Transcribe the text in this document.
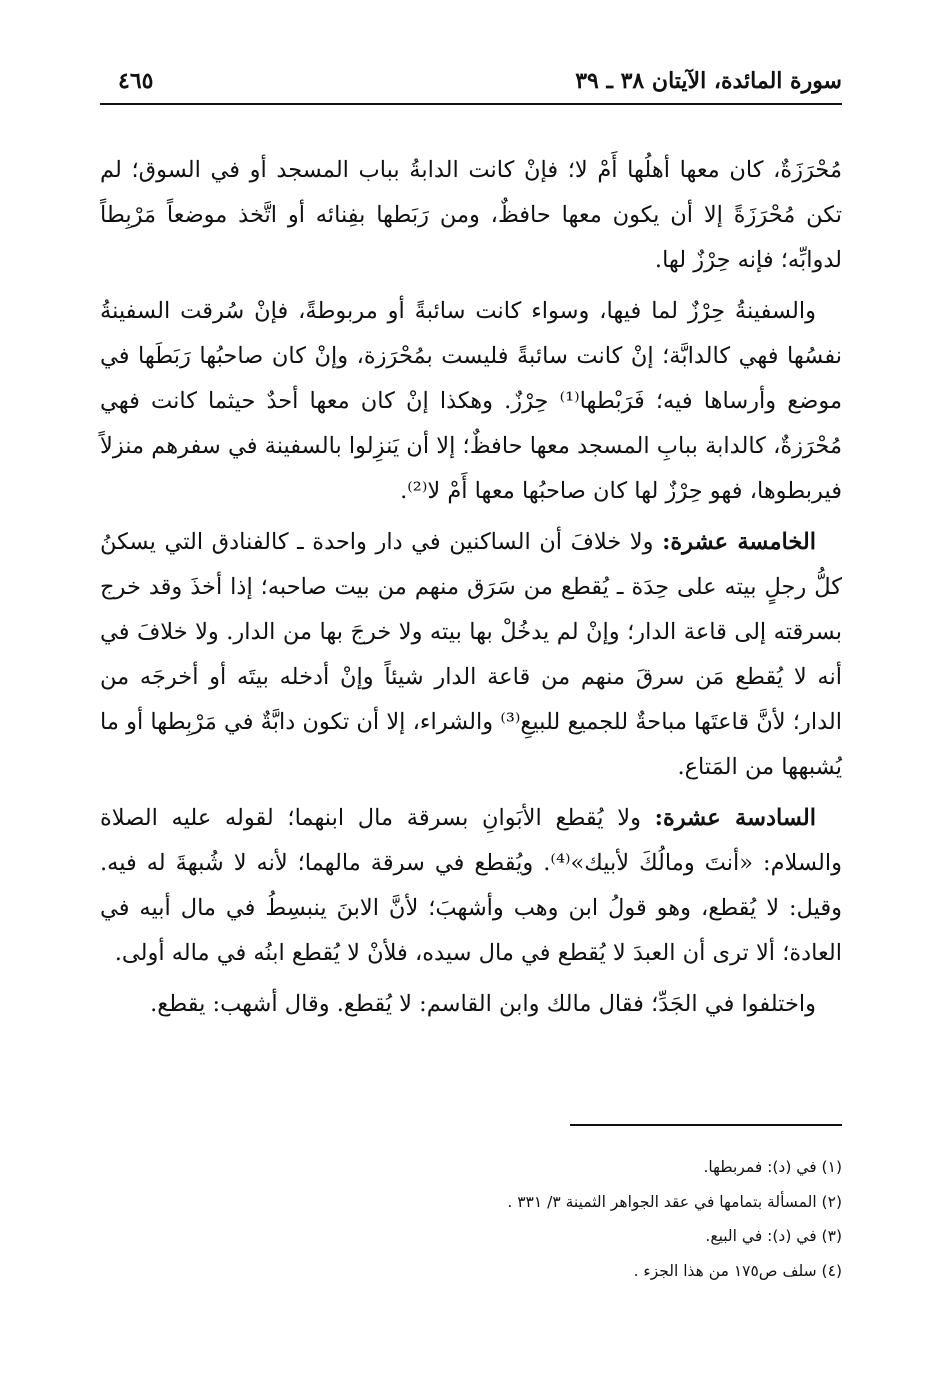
سورة المائدة، الآيتان ٣٨ ـ ٣٩
٤٦٥

مُحْرَزَةٌ، كان معها أهلُها أَمْ لا؛ فإنْ كانت الدابةُ بباب المسجد أو في السوق؛ لم تكن مُحْرَزَةً إلا أن يكون معها حافظٌ، ومن رَبَطها بفِنائه أو اتَّخذ موضعاً مَرْبِطاً لدوابِّه؛ فإنه حِرْزٌ لها.

والسفينةُ حِرْزٌ لما فيها، وسواء كانت سائبةً أو مربوطةً، فإنْ سُرقت السفينةُ نفسُها فهي كالدابَّة؛ إنْ كانت سائبةً فليست بمُحْرَزة، وإنْ كان صاحبُها رَبَطَها في موضع وأرساها فيه؛ فَرَبْطها⁽¹⁾ حِرْزٌ. وهكذا إنْ كان معها أحدٌ حيثما كانت فهي مُحْرَزةٌ، كالدابة ببابِ المسجد معها حافظٌ؛ إلا أن يَنزِلوا بالسفينة في سفرهم منزلاً فيربطوها، فهو حِرْزٌ لها كان صاحبُها معها أَمْ لا⁽²⁾.

الخامسة عشرة: ولا خلافَ أن الساكنين في دار واحدة ـ كالفنادق التي يسكنُ كلُّ رجلٍ بيته على حِدَة ـ يُقطع من سَرَق منهم من بيت صاحبه؛ إذا أخذَ وقد خرج بسرقته إلى قاعة الدار؛ وإنْ لم يدخُلْ بها بيته ولا خرجَ بها من الدار. ولا خلافَ في أنه لا يُقطع مَن سرقَ منهم من قاعة الدار شيئاً وإنْ أدخله بيتَه أو أخرجَه من الدار؛ لأنَّ قاعتَها مباحةٌ للجميع للبيعِ⁽³⁾ والشراء، إلا أن تكون دابَّةٌ في مَرْبِطها أو ما يُشبهها من المَتاع.

السادسة عشرة: ولا يُقطع الأبَوانِ بسرقة مال ابنهما؛ لقوله عليه الصلاة والسلام: «أنتَ ومالُكَ لأبيك»⁽⁴⁾. ويُقطع في سرقة مالهما؛ لأنه لا شُبهةَ له فيه. وقيل: لا يُقطع، وهو قولُ ابن وهب وأشهبَ؛ لأنَّ الابنَ ينبسِطُ في مال أبيه في العادة؛ ألا ترى أن العبدَ لا يُقطع في مال سيده، فلأنْ لا يُقطع ابنُه في ماله أولى.

واختلفوا في الجَدِّ؛ فقال مالك وابن القاسم: لا يُقطع. وقال أشهب: يقطع.

(١) في (د): فمربطها.

(٢) المسألة بتمامها في عقد الجواهر الثمينة ٣/ ٣٣١ .

(٣) في (د): في البيع.

(٤) سلف ص١٧٥ من هذا الجزء .
